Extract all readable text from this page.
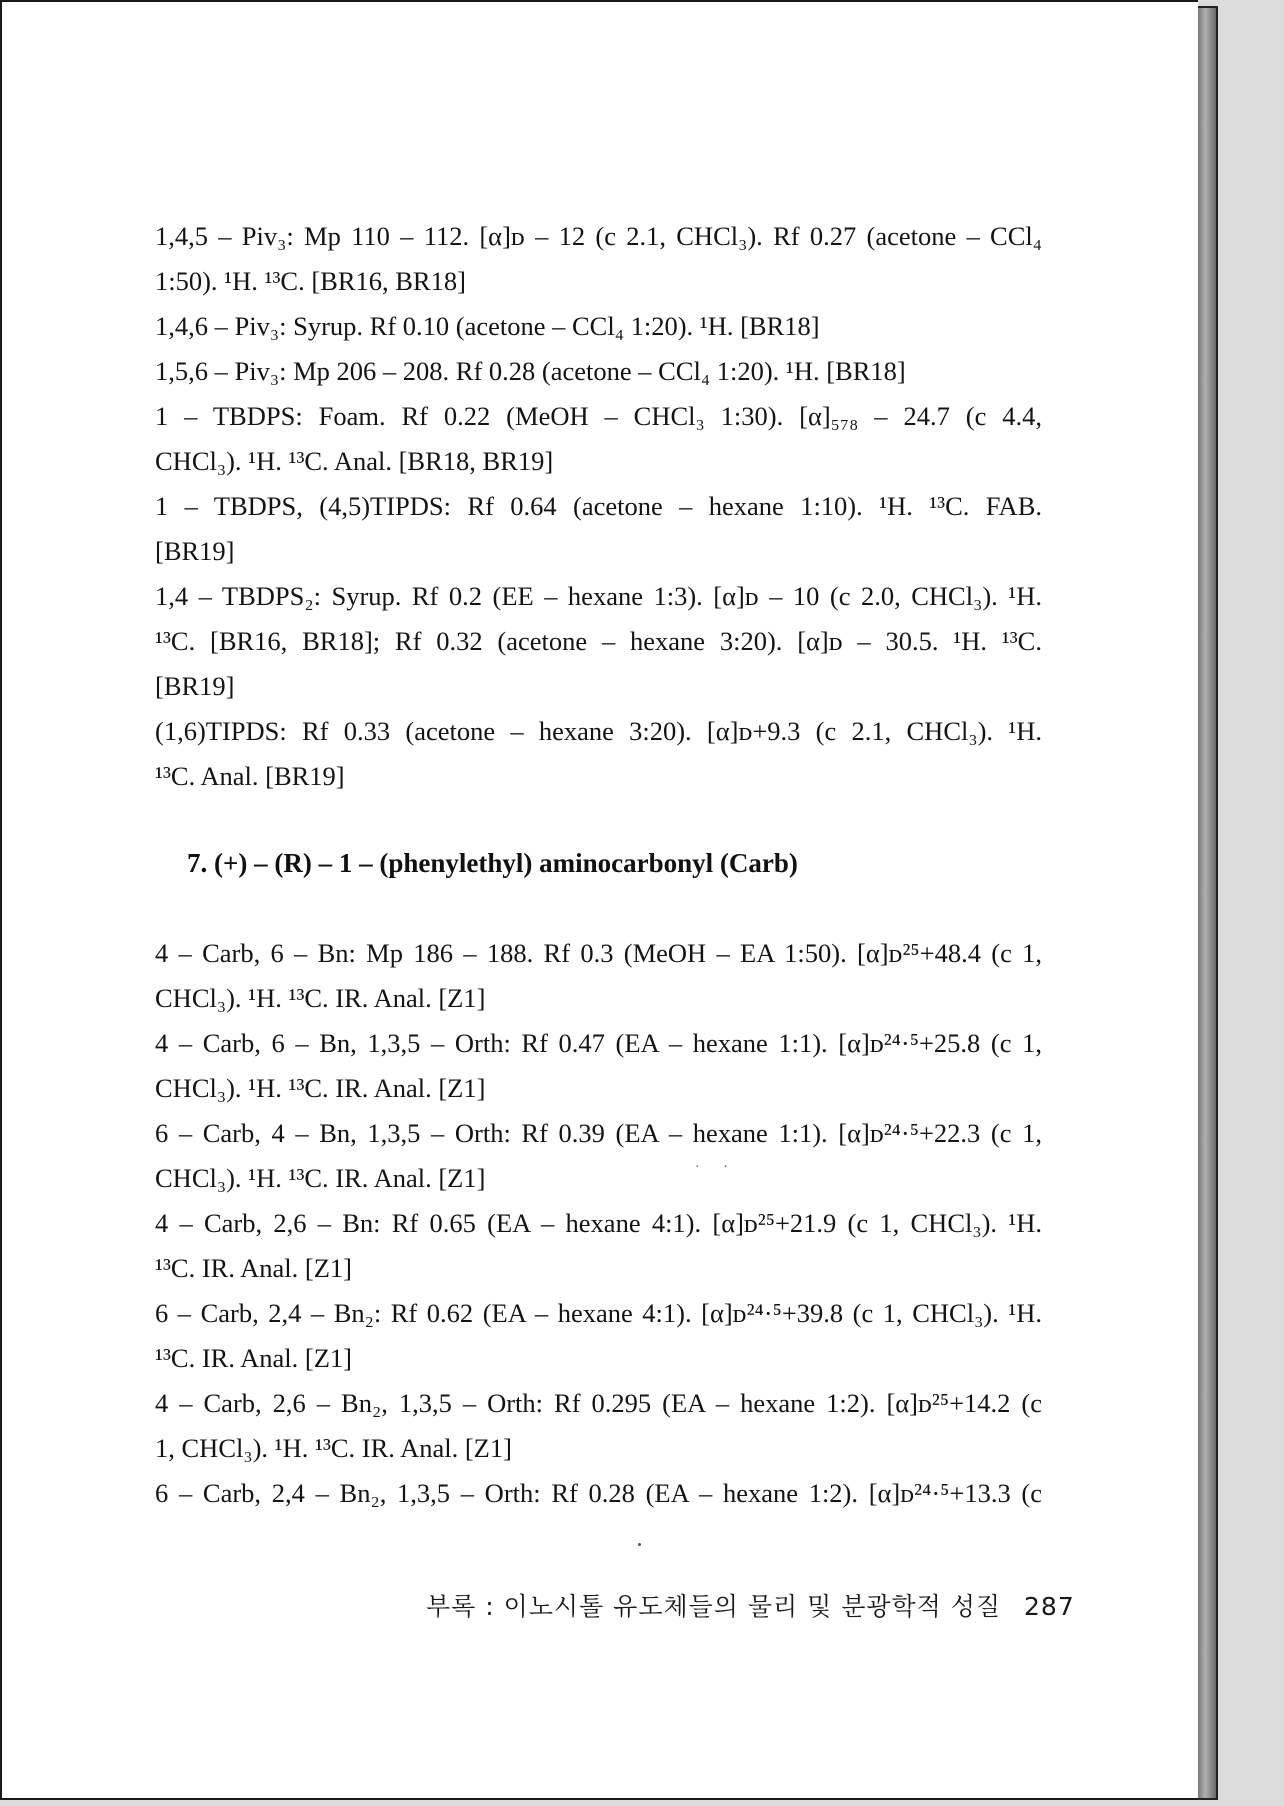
1,4,5 – Piv₃: Mp 110 – 112. [α]ᴅ – 12 (c 2.1, CHCl₃). Rf 0.27 (acetone – CCl₄
1:50). ¹H. ¹³C. [BR16, BR18]
1,4,6 – Piv₃: Syrup. Rf 0.10 (acetone – CCl₄ 1:20). ¹H. [BR18]
1,5,6 – Piv₃: Mp 206 – 208. Rf 0.28 (acetone – CCl₄ 1:20). ¹H. [BR18]
1 – TBDPS: Foam. Rf 0.22 (MeOH – CHCl₃ 1:30). [α]₅₇₈ – 24.7 (c 4.4,
CHCl₃). ¹H. ¹³C. Anal. [BR18, BR19]
1 – TBDPS, (4,5)TIPDS: Rf 0.64 (acetone – hexane 1:10). ¹H. ¹³C. FAB.
[BR19]
1,4 – TBDPS₂: Syrup. Rf 0.2 (EE – hexane 1:3). [α]ᴅ – 10 (c 2.0, CHCl₃). ¹H.
¹³C. [BR16, BR18]; Rf 0.32 (acetone – hexane 3:20). [α]ᴅ – 30.5. ¹H. ¹³C.
[BR19]
(1,6)TIPDS: Rf 0.33 (acetone – hexane 3:20). [α]ᴅ+9.3 (c 2.1, CHCl₃). ¹H.
¹³C. Anal. [BR19]
4 – Carb, 6 – Bn: Mp 186 – 188. Rf 0.3 (MeOH – EA 1:50). [α]ᴅ²⁵+48.4 (c 1,
CHCl₃). ¹H. ¹³C. IR. Anal. [Z1]
4 – Carb, 6 – Bn, 1,3,5 – Orth: Rf 0.47 (EA – hexane 1:1). [α]ᴅ²⁴·⁵+25.8 (c 1,
CHCl₃). ¹H. ¹³C. IR. Anal. [Z1]
6 – Carb, 4 – Bn, 1,3,5 – Orth: Rf 0.39 (EA – hexane 1:1). [α]ᴅ²⁴·⁵+22.3 (c 1,
CHCl₃). ¹H. ¹³C. IR. Anal. [Z1]
4 – Carb, 2,6 – Bn: Rf 0.65 (EA – hexane 4:1). [α]ᴅ²⁵+21.9 (c 1, CHCl₃). ¹H.
¹³C. IR. Anal. [Z1]
6 – Carb, 2,4 – Bn₂: Rf 0.62 (EA – hexane 4:1). [α]ᴅ²⁴·⁵+39.8 (c 1, CHCl₃). ¹H.
¹³C. IR. Anal. [Z1]
4 – Carb, 2,6 – Bn₂, 1,3,5 – Orth: Rf 0.295 (EA – hexane 1:2). [α]ᴅ²⁵+14.2 (c
1, CHCl₃). ¹H. ¹³C. IR. Anal. [Z1]
6 – Carb, 2,4 – Bn₂, 1,3,5 – Orth: Rf 0.28 (EA – hexane 1:2). [α]ᴅ²⁴·⁵+13.3 (c
7. (+) – (R) – 1 – (phenylethyl) aminocarbonyl (Carb)
· ·
부록 : 이노시톨 유도체들의 물리 및 분광학적 성질 287
